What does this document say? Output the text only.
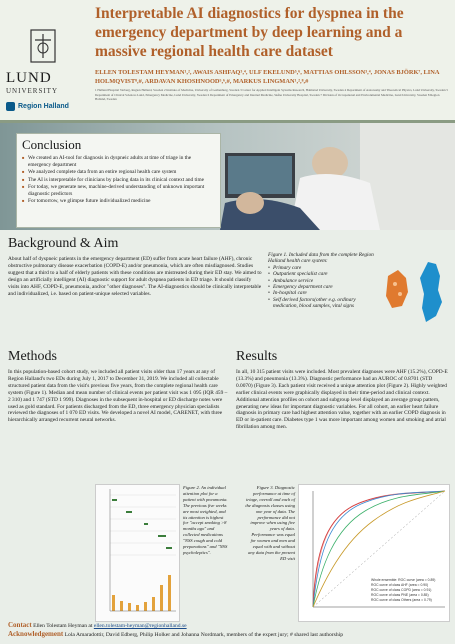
LUND
UNIVERSITY
Region Halland
Interpretable AI diagnostics for dyspnea in the emergency department by deep learning and a massive regional health care dataset
ELLEN TOLESTAM HEYMAN¹,², AWAIS ASHFAQ³,⁴, ULF EKELUND⁵,⁶, MATTIAS OHLSSON³,⁴, JONAS BJÖRK⁷, LINA HOLMQVIST⁸,#, ARDAVAN KHOSHNOOD⁵,⁶,#, MARKUS LINGMAN¹,²,⁸,#
1 Halland Hospital Varberg, Region Halland, Sweden 2 Institute of Medicine, University of Gothenburg, Sweden 3 Center for Applied Intelligent Systems Research, Halmstad University, Sweden 4 Department of Astronomy and Theoretical Physics, Lund University, Sweden 5 Department of Clinical Sciences Lund, Emergency Medicine, Lund University, Sweden 6 Department of Emergency and Internal Medicine, Skåne University Hospital, Sweden 7 Division of Occupational and Environmental Medicine, Lund University, Sweden 8 Region Halland, Sweden
Conclusion
■ We created an AI-tool for diagnosis in dyspneic adults at time of triage in the emergency department
■ We analyzed complete data from an entire regional health care system
■ The AI is interpretable for clinicians by placing data in its clinical context and time
■ For today, we generate new, machine-derived understanding of unknown important diagnostic predictors
■ For tomorrow, we glimpse future individualized medicine
Background & Aim
About half of dyspneic patients in the emergency department (ED) suffer from acute heart failure (AHF), chronic obstructive pulmonary disease exacerbation (COPD-E) and/or pneumonia, which are often misdiagnosed. Studies suggest that a third to a half of elderly patients with these conditions are mistreated during their ED stay. We aimed to design an artificially intelligent (AI) diagnostic support for adult dyspnea patients in ED triage. It should classify visits into AHF, COPD-E, pneumonia, and/or "other diagnoses". The AI-diagnostics should be clinically interpretable and individualized, i.e. based on patient-unique selected variables.
Figure 1. Included data from the complete Region Halland health care system:
• Primary care
• Outpatient specialist care
• Ambulance service
• Emergency department care
• In-hospital care
• Self derived factors(other e.g. ordinary medication, blood samples, vital signs
Methods
In this population-based cohort study, we included all patient visits older than 17 years at any of Region Halland's two EDs during July 1, 2017 to December 31, 2019. We included all collectable structured patient data from the visit's previous five years, from the complete regional health care system (Figure 1). Median and mean number of clinical events per patient visit was 1 095 (IQR 459 – 2 310) and 1 747 (STD 1 999). Diagnoses in the subsequent in-hospital or ED discharge notes were used as gold standard. For patients discharged from the ED, three emergency physician specialists reviewed the diagnoses of 1 070 ED visits. We developed a novel AI model, CARENET, with three hierarchically arranged recurrent neural networks.
Results
In all, 10 315 patient visits were included. Most prevalent diagnoses were AHF (15.2%), COPD-E (13.3%) and pneumonia (13.3%). Diagnostic performance had an AUROC of 0.8701 (STD 0.0070) (Figure 3). Each patient visit received a unique attention plot (Figure 2). Highly weighted earlier clinical events were graphically displayed in their time-period and clinical context. Additional attention profiles on cohort and subgroup level displayed an average group pattern, generating new ideas for important diagnostic variables. For all cohort, an earlier heart failure diagnosis in primary care had highest attention value, together with an earlier COPD diagnosis in ED or in-patient care. Diabetes type 1 was more important among women and smoking and atrial fibrillation among men.
Figure 2. An individual attention plot for a patient with pneumonia. The previous five weeks are most weighted, and its attention is highest for "accept smoking >8 months ago" and collected medications "NSS cough and cold preparations" and "NSS psycholeptics".
Figure 3. Diagnostic performance at time of triage, overall and each of the diagnosis classes using one year of data. The performance did not improve when using five years of data. Performance was equal for women and men and equal with and without any data from the present ED visit
Whole ensemble: ROC curve (area = 0.89)
ROC curve of class AHF (area = 0.90)
ROC curve of class COPD (area = 0.91)
ROC curve of class PNE (area = 0.85)
ROC curve of class Others (area = 0.79)
Contact Ellen Tolestam Heyman at ellen.tolestam-heyman@regionhalland.se
Acknowledgement Lola Amaradottir, David Edberg, Philip Holker and Johanna Nordmark, members of the expert jury; # shared last authorship
